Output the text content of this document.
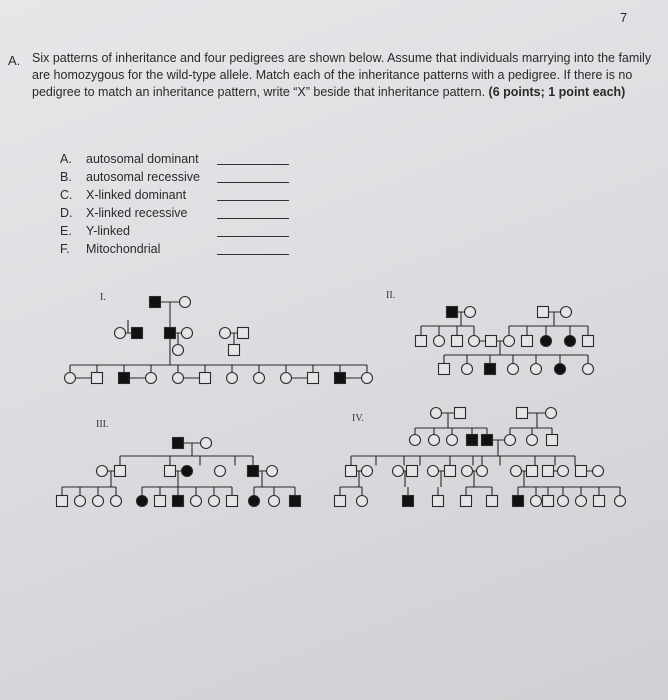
7
A. Six patterns of inheritance and four pedigrees are shown below. Assume that individuals marrying into the family are homozygous for the wild-type allele. Match each of the inheritance patterns with a pedigree. If there is no pedigree to match an inheritance pattern, write “X” beside that inheritance pattern. (6 points; 1 point each)
A. autosomal dominant
B. autosomal recessive
C. X-linked dominant
D. X-linked recessive
E. Y-linked
F. Mitochondrial
I.	II.
III.
IV.
